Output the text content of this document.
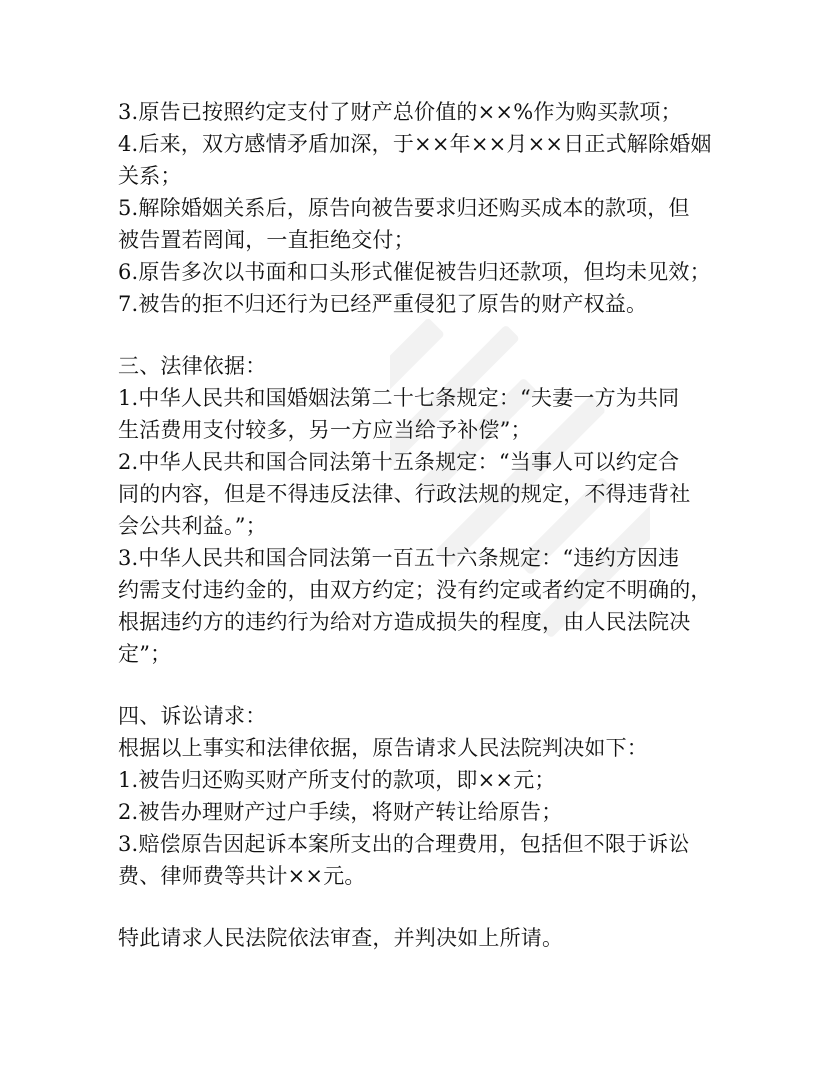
3.原告已按照约定支付了财产总价值的××%作为购买款项；
4.后来，双方感情矛盾加深，于××年××月××日正式解除婚姻
关系；
5.解除婚姻关系后，原告向被告要求归还购买成本的款项，但
被告置若罔闻，一直拒绝交付；
6.原告多次以书面和口头形式催促被告归还款项，但均未见效；
7.被告的拒不归还行为已经严重侵犯了原告的财产权益。
三、法律依据：
1.中华人民共和国婚姻法第二十七条规定：“夫妻一方为共同
生活费用支付较多，另一方应当给予补偿”；
2.中华人民共和国合同法第十五条规定：“当事人可以约定合
同的内容，但是不得违反法律、行政法规的规定，不得违背社
会公共利益。”；
3.中华人民共和国合同法第一百五十六条规定：“违约方因违
约需支付违约金的，由双方约定；没有约定或者约定不明确的，
根据违约方的违约行为给对方造成损失的程度，由人民法院决
定”；
四、诉讼请求：
根据以上事实和法律依据，原告请求人民法院判决如下：
1.被告归还购买财产所支付的款项，即××元；
2.被告办理财产过户手续，将财产转让给原告；
3.赔偿原告因起诉本案所支出的合理费用，包括但不限于诉讼
费、律师费等共计××元。
特此请求人民法院依法审查，并判决如上所请。
